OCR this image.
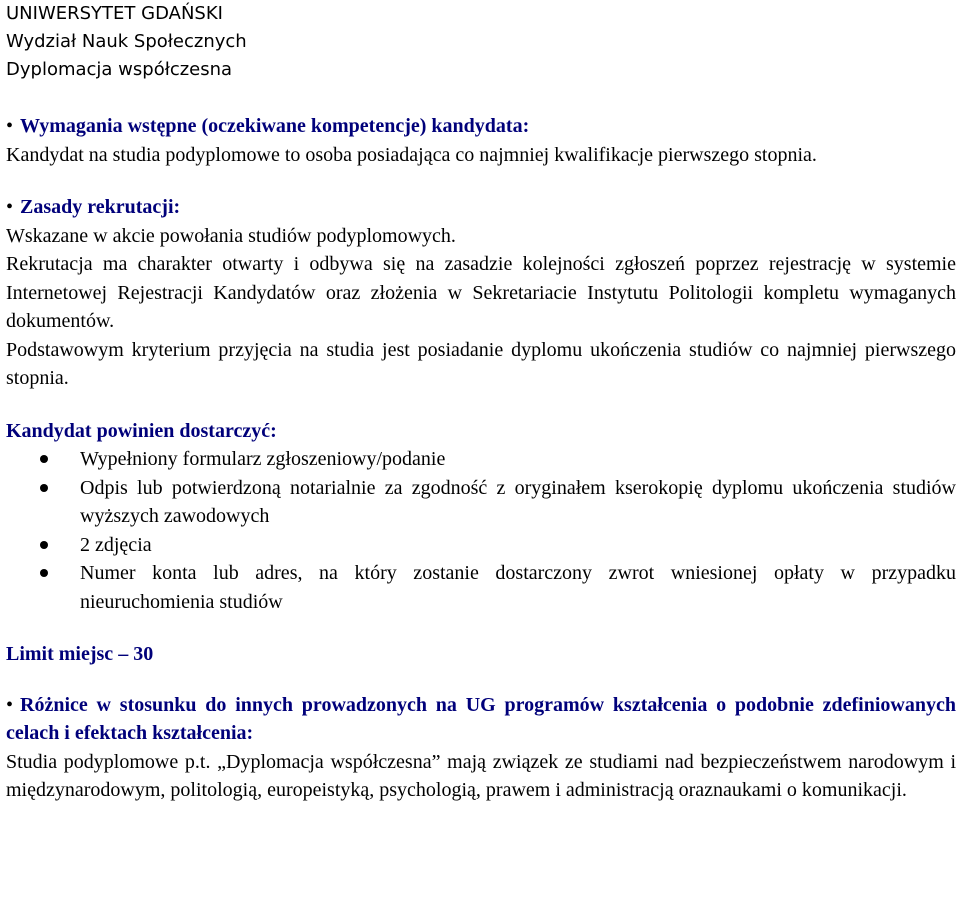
UNIWERSYTET GDAŃSKI
Wydział Nauk Społecznych
Dyplomacja współczesna
• Wymagania wstępne (oczekiwane kompetencje) kandydata:
Kandydat na studia podyplomowe to osoba posiadająca co najmniej kwalifikacje pierwszego stopnia.
• Zasady rekrutacji:
Wskazane w akcie powołania studiów podyplomowych.
Rekrutacja ma charakter otwarty i odbywa się na zasadzie kolejności zgłoszeń poprzez rejestrację w systemie Internetowej Rejestracji Kandydatów oraz złożenia w Sekretariacie Instytutu Politologii kompletu wymaganych dokumentów.
Podstawowym kryterium przyjęcia na studia jest posiadanie dyplomu ukończenia studiów co najmniej pierwszego stopnia.
Kandydat powinien dostarczyć:
Wypełniony formularz zgłoszeniowy/podanie
Odpis lub potwierdzoną notarialnie za zgodność z oryginałem kserokopię dyplomu ukończenia studiów wyższych zawodowych
2 zdjęcia
Numer konta lub adres, na który zostanie dostarczony zwrot wniesionej opłaty w przypadku nieuruchomienia studiów
Limit miejsc – 30
• Różnice w stosunku do innych prowadzonych na UG programów kształcenia o podobnie zdefiniowanych celach i efektach kształcenia:
Studia podyplomowe p.t. „Dyplomacja współczesna” mają związek ze studiami nad bezpieczeństwem narodowym i międzynarodowym, politologią, europeistyką, psychologią, prawem i administracją oraznaukami o komunikacji.
